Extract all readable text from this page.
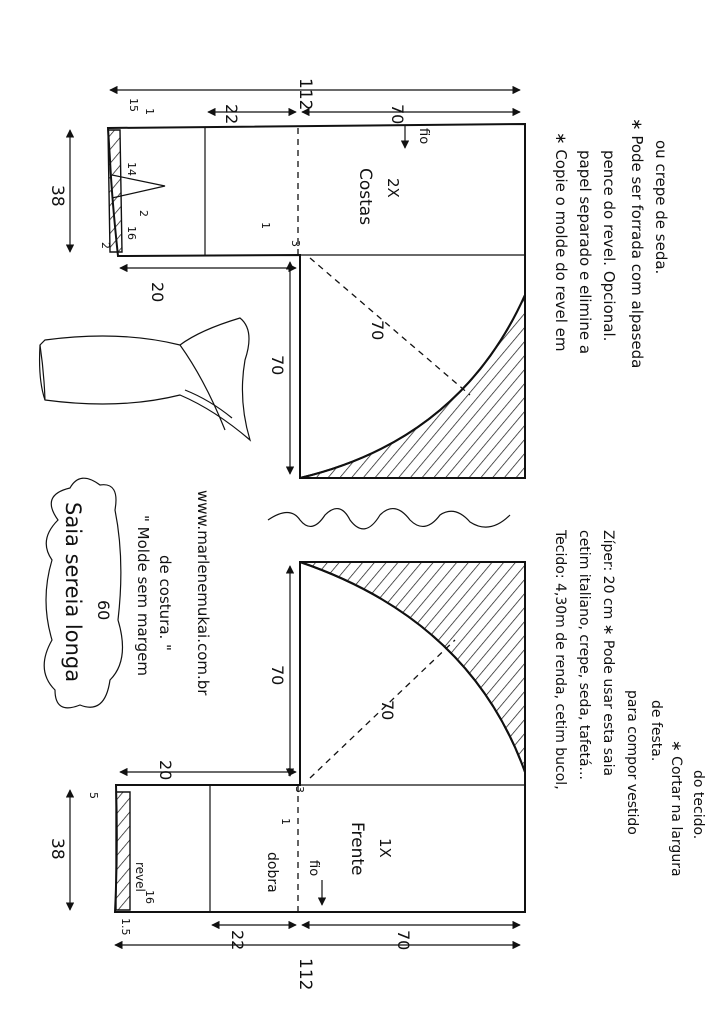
112
38
22	70
20
70
70
Costas 2X
fio
15 1
14
2
16
2
1
3
Saia sereia longa 60 " Molde sem margem de costura. " www.marlenemukai.com.br
112
38
22	70
20
70
70
Frente 1X
dobra fio
revel
1.5
5
16
1
3
∗ Copie o molde do revel em papel separado e elimine a pence do revel. Opcional. ∗ Pode ser forrada com alpaseda ou crepe de seda.
Tecido: 4,30m de renda, cetim bucol, cetim italiano, crepe, seda, tafetá... Zíper: 20 cm ∗ Pode usar esta saia para compor vestido de festa.
∗ Cortar na largura do tecido.
